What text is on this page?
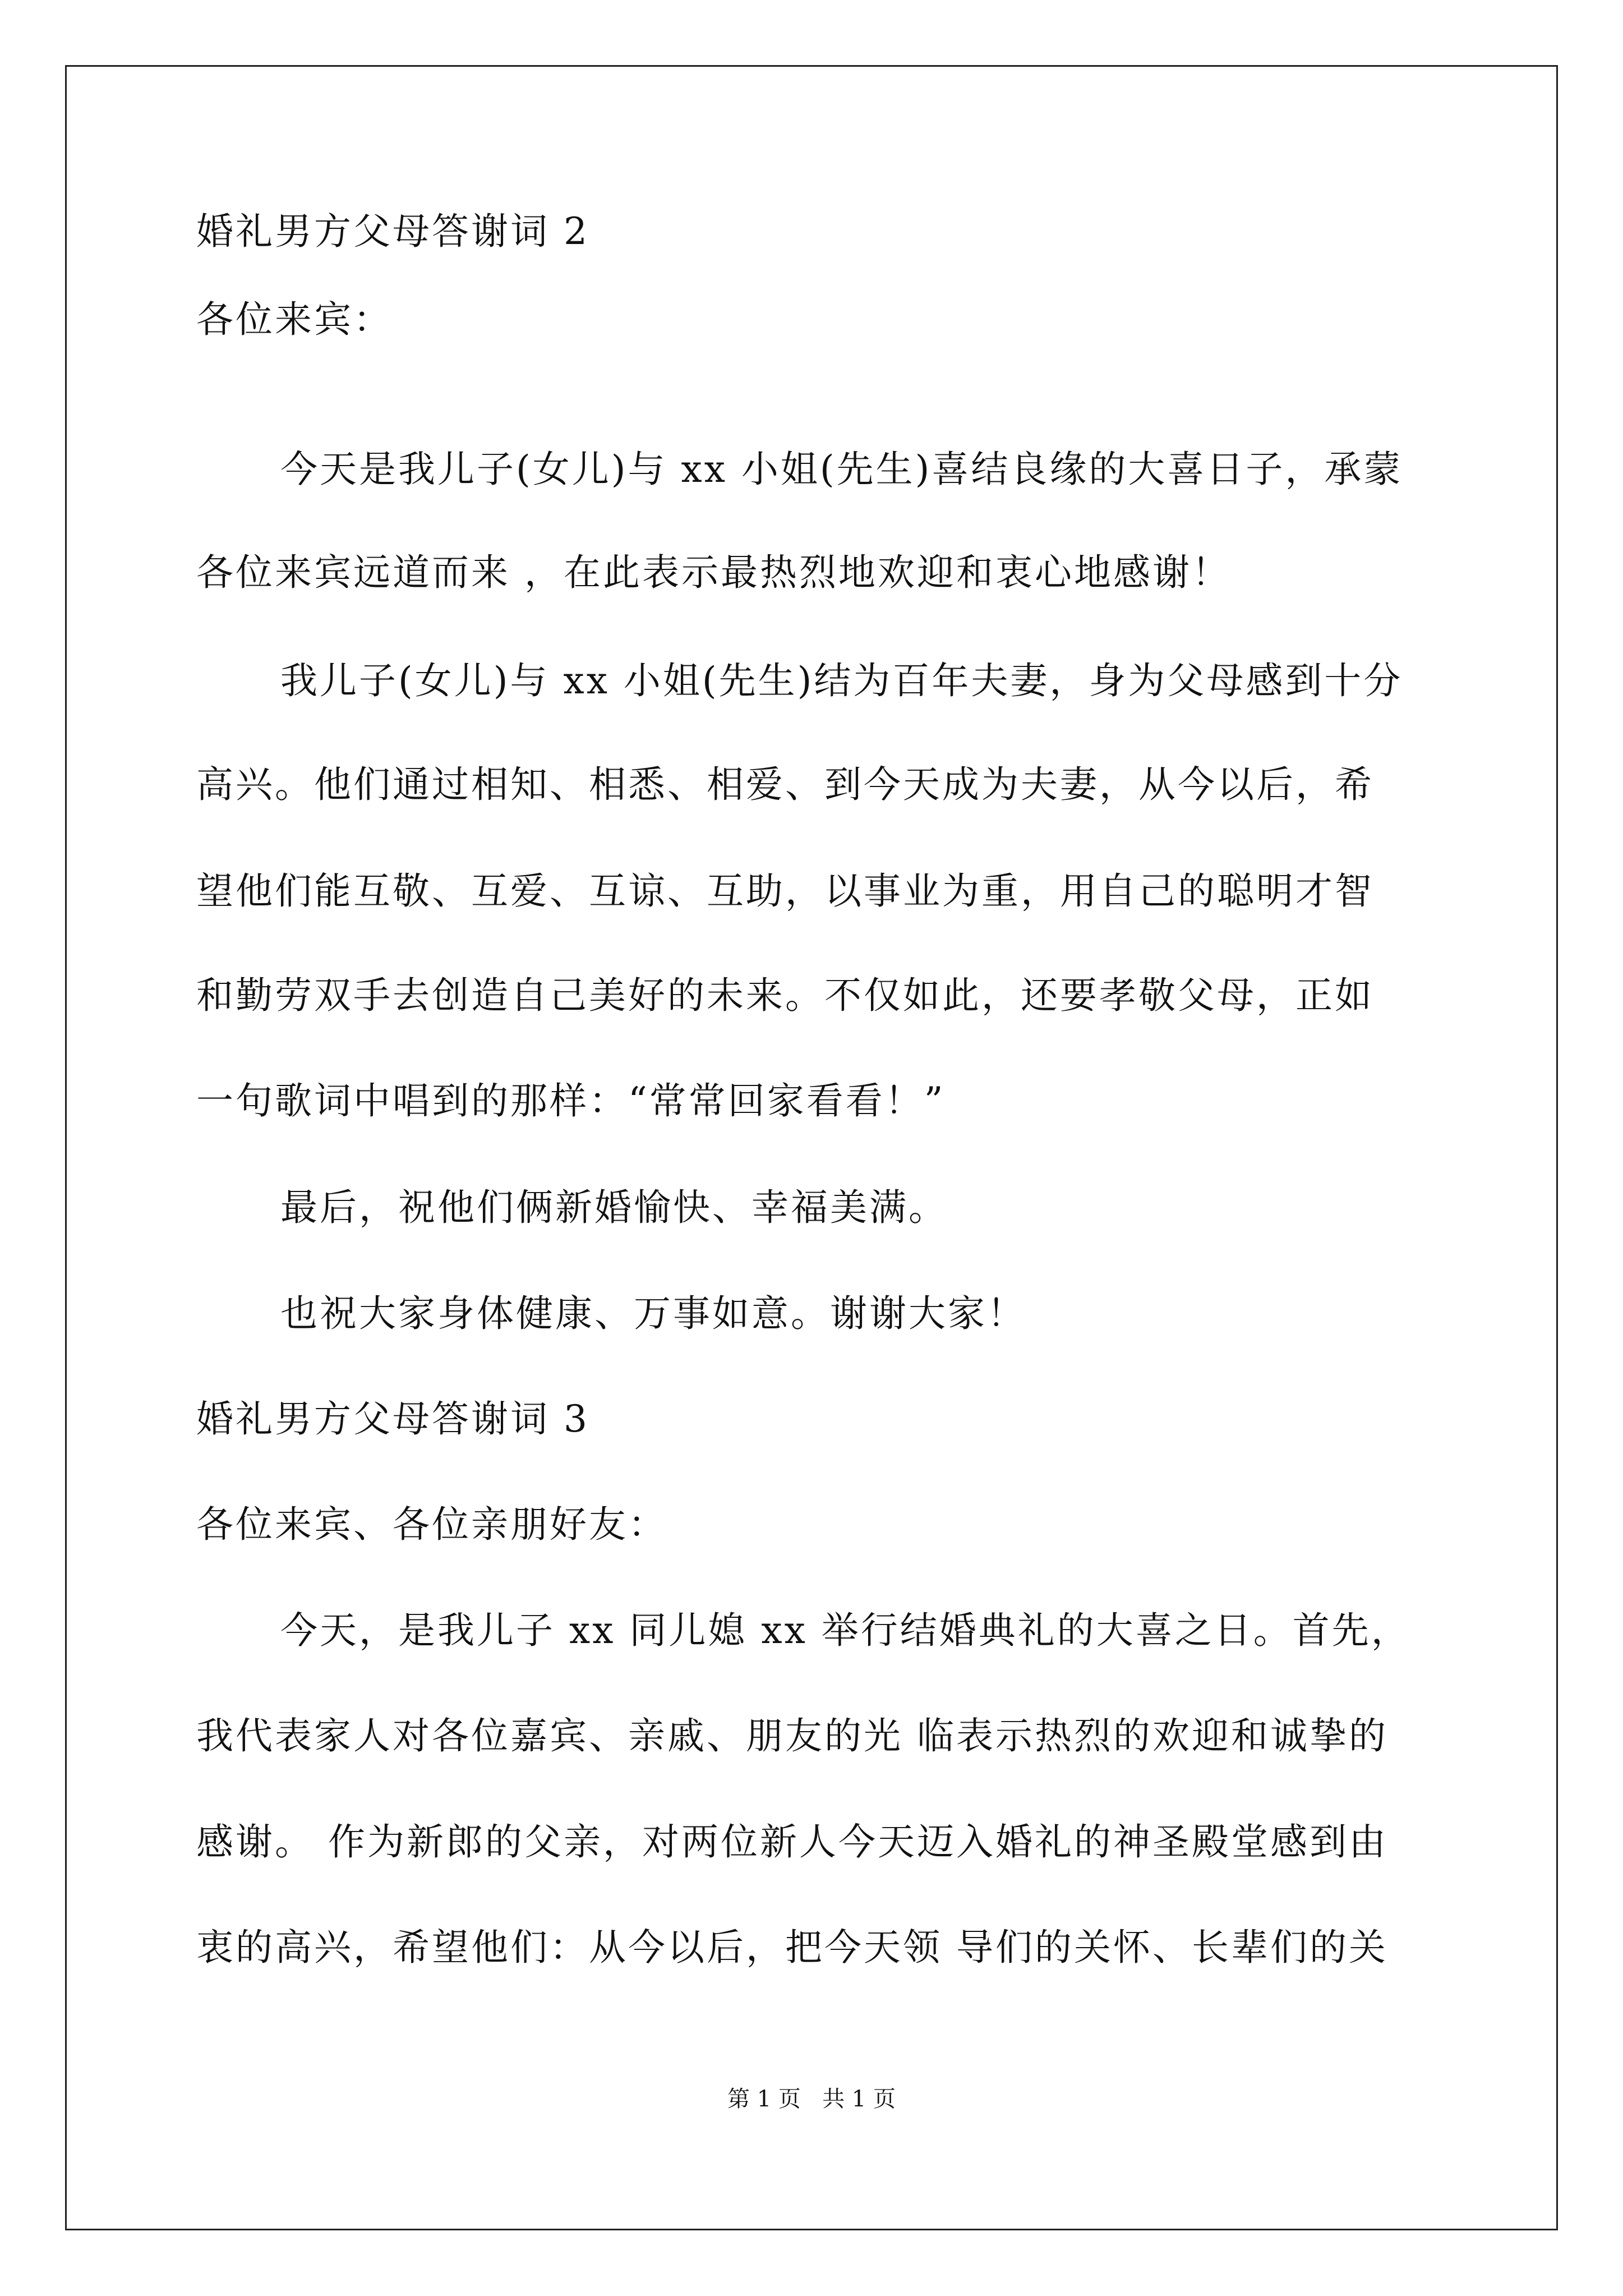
婚礼男方父母答谢词 2
各位来宾：
今天是我儿子(女儿)与 xx 小姐(先生)喜结良缘的大喜日子，承蒙
各位来宾远道而来 ，在此表示最热烈地欢迎和衷心地感谢！
我儿子(女儿)与 xx 小姐(先生)结为百年夫妻，身为父母感到十分
高兴。他们通过相知、相悉、相爱、到今天成为夫妻，从今以后，希
望他们能互敬、互爱、互谅、互助，以事业为重，用自己的聪明才智
和勤劳双手去创造自己美好的未来。不仅如此，还要孝敬父母，正如
一句歌词中唱到的那样：“常常回家看看！”
最后，祝他们俩新婚愉快、幸福美满。
也祝大家身体健康、万事如意。谢谢大家！
婚礼男方父母答谢词 3
各位来宾、各位亲朋好友：
今天，是我儿子 xx 同儿媳 xx 举行结婚典礼的大喜之日。首先，
我代表家人对各位嘉宾、亲戚、朋友的光 临表示热烈的欢迎和诚挚的
感谢。 作为新郎的父亲，对两位新人今天迈入婚礼的神圣殿堂感到由
衷的高兴，希望他们：从今以后，把今天领 导们的关怀、长辈们的关
第 1 页   共 1 页
